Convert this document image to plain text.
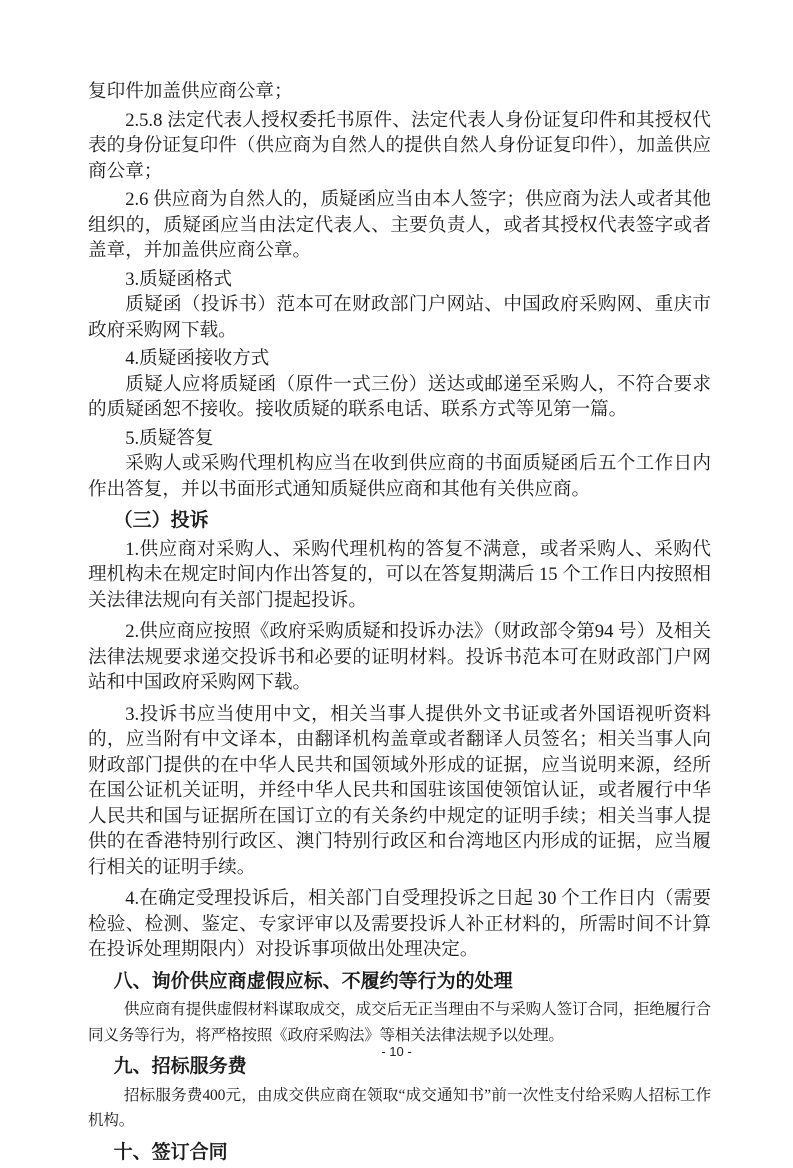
复印件加盖供应商公章；

2.5.8 法定代表人授权委托书原件、法定代表人身份证复印件和其授权代表的身份证复印件（供应商为自然人的提供自然人身份证复印件），加盖供应商公章；

2.6 供应商为自然人的，质疑函应当由本人签字；供应商为法人或者其他组织的，质疑函应当由法定代表人、主要负责人，或者其授权代表签字或者盖章，并加盖供应商公章。

3.质疑函格式

质疑函（投诉书）范本可在财政部门户网站、中国政府采购网、重庆市政府采购网下载。

4.质疑函接收方式

质疑人应将质疑函（原件一式三份）送达或邮递至采购人，不符合要求的质疑函恕不接收。接收质疑的联系电话、联系方式等见第一篇。

5.质疑答复

采购人或采购代理机构应当在收到供应商的书面质疑函后五个工作日内作出答复，并以书面形式通知质疑供应商和其他有关供应商。

（三）投诉

1.供应商对采购人、采购代理机构的答复不满意，或者采购人、采购代理机构未在规定时间内作出答复的，可以在答复期满后 15 个工作日内按照相关法律法规向有关部门提起投诉。

2.供应商应按照《政府采购质疑和投诉办法》（财政部令第94 号）及相关法律法规要求递交投诉书和必要的证明材料。投诉书范本可在财政部门户网站和中国政府采购网下载。

3.投诉书应当使用中文，相关当事人提供外文书证或者外国语视听资料的，应当附有中文译本，由翻译机构盖章或者翻译人员签名；相关当事人向财政部门提供的在中华人民共和国领域外形成的证据，应当说明来源，经所在国公证机关证明，并经中华人民共和国驻该国使领馆认证，或者履行中华人民共和国与证据所在国订立的有关条约中规定的证明手续；相关当事人提供的在香港特别行政区、澳门特别行政区和台湾地区内形成的证据，应当履行相关的证明手续。

4.在确定受理投诉后，相关部门自受理投诉之日起 30 个工作日内（需要检验、检测、鉴定、专家评审以及需要投诉人补正材料的，所需时间不计算在投诉处理期限内）对投诉事项做出处理决定。

八、询价供应商虚假应标、不履约等行为的处理

供应商有提供虚假材料谋取成交，成交后无正当理由不与采购人签订合同，拒绝履行合同义务等行为，将严格按照《政府采购法》等相关法律法规予以处理。

九、招标服务费

招标服务费400元，由成交供应商在领取“成交通知书”前一次性支付给采购人招标工作机构。

十、签订合同

- 10 -
